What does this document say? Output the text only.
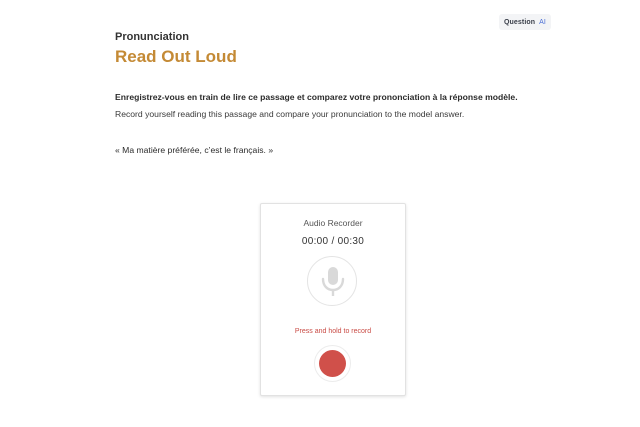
Question AI

Pronunciation

Read Out Loud

Enregistrez-vous en train de lire ce passage et comparez votre prononciation à la réponse modèle.

Record yourself reading this passage and compare your pronunciation to the model answer.

« Ma matière préférée, c’est le français. »

Audio Recorder
00:00 / 00:30
Press and hold to record
